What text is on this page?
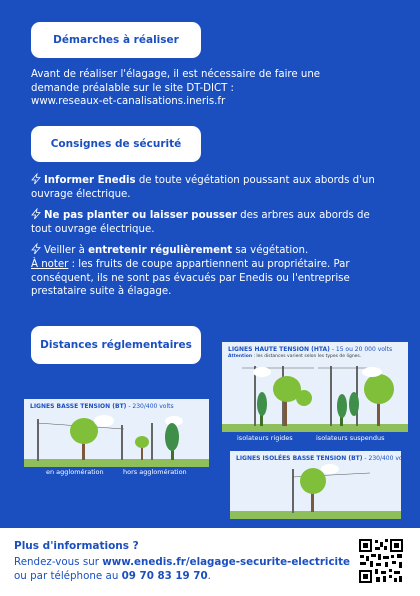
Démarches à réaliser
Avant de réaliser l'élagage, il est nécessaire de faire une
demande préalable sur le site DT-DICT :
www.reseaux-et-canalisations.ineris.fr
Consignes de sécurité
Informer Enedis de toute végétation poussant aux abords d'un
ouvrage électrique.
Ne pas planter ou laisser pousser des arbres aux abords de
tout ouvrage électrique.
Veiller à entretenir régulièrement sa végétation.
À noter : les fruits de coupe appartiennent au propriétaire. Par
conséquent, ils ne sont pas évacués par Enedis ou l'entreprise
prestataire suite à élagage.
Distances réglementaires
LIGNES BASSE TENSION (BT) - 230/400 volts
en agglomération	hors agglomération
LIGNES HAUTE TENSION (HTA) - 15 ou 20 000 volts
Attention : les distances varient selon les types de lignes.
isolateurs rigides	isolateurs suspendus
LIGNES ISOLÉES BASSE TENSION (BT) - 230/400 volts
Plus d'informations ?
Rendez-vous sur www.enedis.fr/elagage-securite-electricite
ou par téléphone au 09 70 83 19 70.
